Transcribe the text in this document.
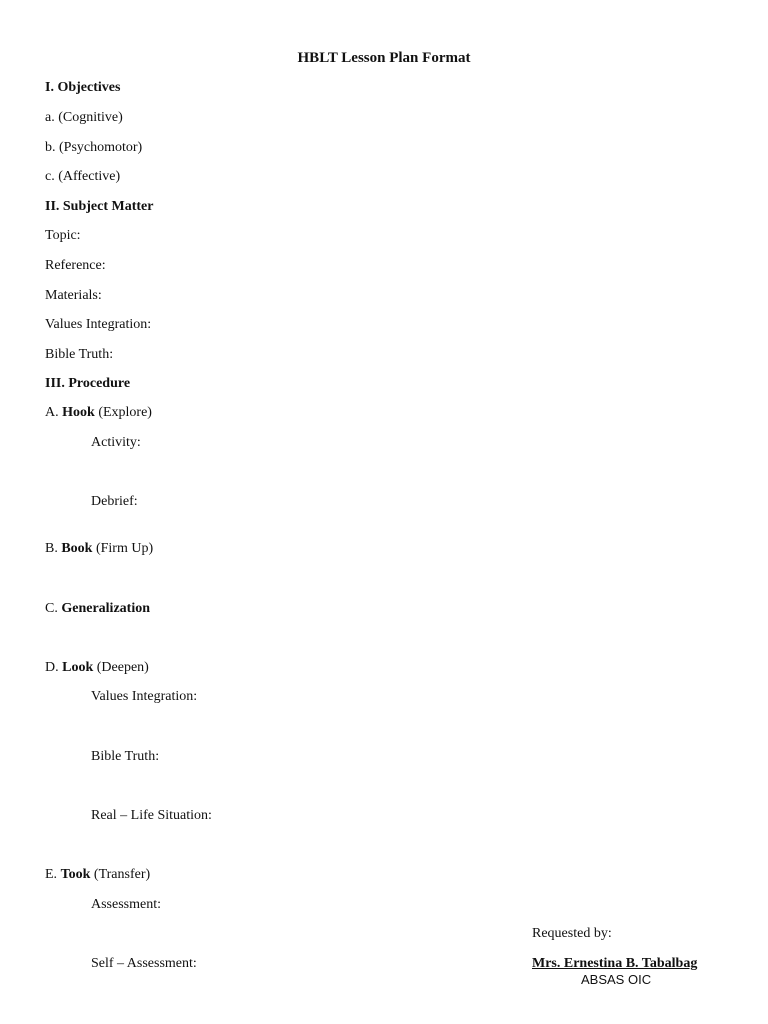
HBLT Lesson Plan Format
I. Objectives
a. (Cognitive)
b. (Psychomotor)
c. (Affective)
II. Subject Matter
Topic:
Reference:
Materials:
Values Integration:
Bible Truth:
III. Procedure
A. Hook (Explore)
Activity:
Debrief:
B. Book (Firm Up)
C. Generalization
D. Look (Deepen)
Values Integration:
Bible Truth:
Real – Life Situation:
E. Took (Transfer)
Assessment:
Self – Assessment:
Requested by:
Mrs. Ernestina B. Tabalbag
ABSAS OIC
